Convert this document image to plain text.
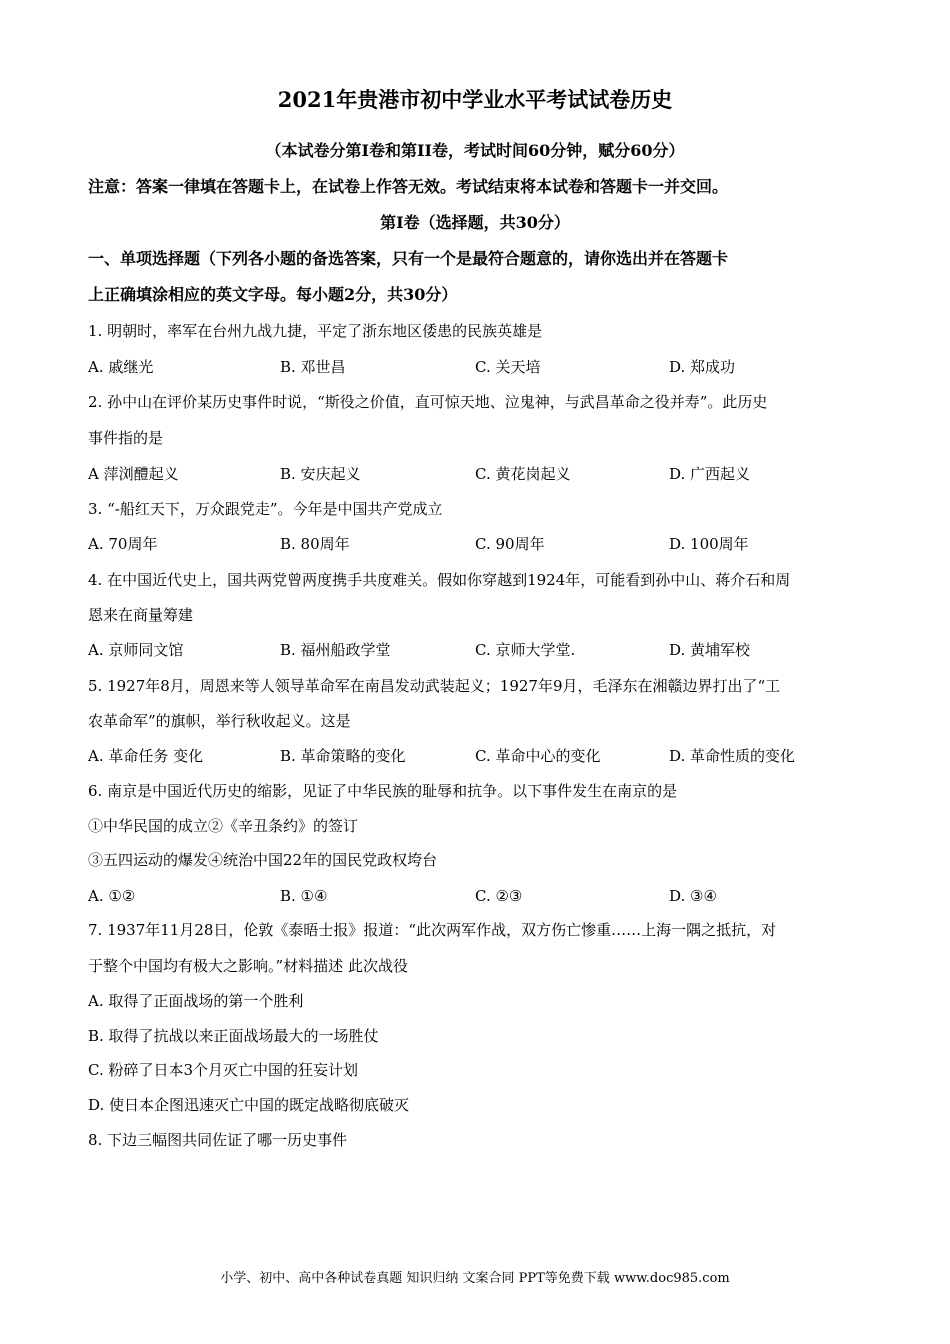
2021年贵港市初中学业水平考试试卷历史
（本试卷分第Ⅰ卷和第II卷，考试时间60分钟，赋分60分）
注意：答案一律填在答题卡上，在试卷上作答无效。考试结束将本试卷和答题卡一并交回。
第Ⅰ卷（选择题，共30分）
一、单项选择题（下列各小题的备选答案，只有一个是最符合题意的，请你选出并在答题卡
上正确填涂相应的英文字母。每小题2分，共30分）
1. 明朝时，率军在台州九战九捷，平定了浙东地区倭患的民族英雄是
A. 戚继光	B. 邓世昌	C. 关天培	D. 郑成功
2. 孙中山在评价某历史事件时说，“斯役之价值，直可惊天地、泣鬼神，与武昌革命之役并寿”。此历史
事件指的是
A 萍浏醴起义	B. 安庆起义	C. 黄花岗起义	D. 广西起义
3. “-船红天下，万众跟党走”。今年是中国共产党成立
A. 70周年	B. 80周年	C. 90周年	D. 100周年
4. 在中国近代史上，国共两党曾两度携手共度难关。假如你穿越到1924年，可能看到孙中山、蒋介石和周
恩来在商量筹建
A. 京师同文馆	B. 福州船政学堂	C. 京师大学堂.	D. 黄埔军校
5. 1927年8月，周恩来等人领导革命军在南昌发动武装起义；1927年9月，毛泽东在湘赣边界打出了“工
农革命军”的旗帜，举行秋收起义。这是
A. 革命任务 变化	B. 革命策略的变化	C. 革命中心的变化	D. 革命性质的变化
6. 南京是中国近代历史的缩影，见证了中华民族的耻辱和抗争。以下事件发生在南京的是
①中华民国的成立②《辛丑条约》的签订
③五四运动的爆发④统治中国22年的国民党政权垮台
A. ①②	B. ①④	C. ②③	D. ③④
7. 1937年11月28日，伦敦《泰晤士报》报道：“此次两军作战，双方伤亡惨重……上海一隅之抵抗，对
于整个中国均有极大之影响。”材料描述 此次战役
A. 取得了正面战场的第一个胜利
B. 取得了抗战以来正面战场最大的一场胜仗
C. 粉碎了日本3个月灭亡中国的狂妄计划
D. 使日本企图迅速灭亡中国的既定战略彻底破灭
8. 下边三幅图共同佐证了哪一历史事件
小学、初中、高中各种试卷真题 知识归纳 文案合同 PPT等免费下载 www.doc985.com
